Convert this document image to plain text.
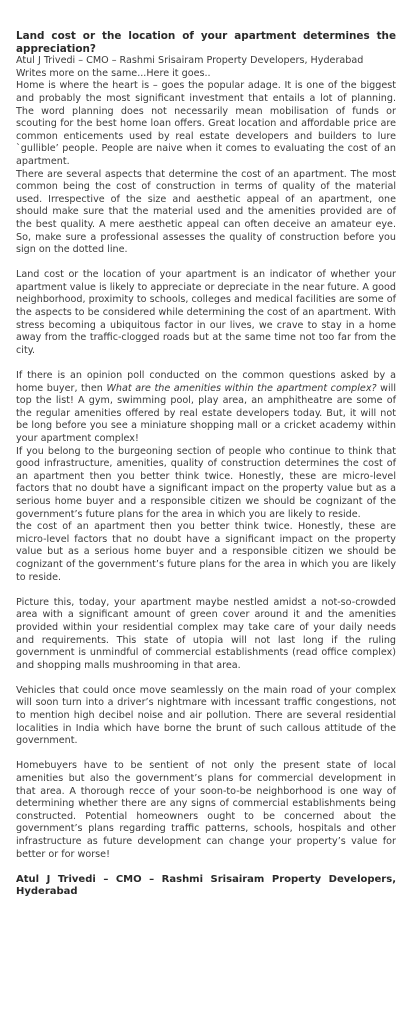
Land cost or the location of your apartment determines the appreciation?

Atul J Trivedi – CMO – Rashmi Srisairam Property Developers, Hyderabad

Writes more on the same...Here it goes..

Home is where the heart is – goes the popular adage. It is one of the biggest and probably the most significant investment that entails a lot of planning. The word planning does not necessarily mean mobilisation of funds or scouting for the best home loan offers. Great location and affordable price are common enticements used by real estate developers and builders to lure `gullible’ people. People are naive when it comes to evaluating the cost of an apartment.

There are several aspects that determine the cost of an apartment. The most common being the cost of construction in terms of quality of the material used. Irrespective of the size and aesthetic appeal of an apartment, one should make sure that the material used and the amenities provided are of the best quality. A mere aesthetic appeal can often deceive an amateur eye. So, make sure a professional assesses the quality of construction before you sign on the dotted line.

Land cost or the location of your apartment is an indicator of whether your apartment value is likely to appreciate or depreciate in the near future. A good neighborhood, proximity to schools, colleges and medical facilities are some of the aspects to be considered while determining the cost of an apartment. With stress becoming a ubiquitous factor in our lives, we crave to stay in a home away from the traffic-clogged roads but at the same time not too far from the city.

If there is an opinion poll conducted on the common questions asked by a home buyer, then What are the amenities within the apartment complex? will top the list! A gym, swimming pool, play area, an amphitheatre are some of the regular amenities offered by real estate developers today. But, it will not be long before you see a miniature shopping mall or a cricket academy within your apartment complex!

If you belong to the burgeoning section of people who continue to think that good infrastructure, amenities, quality of construction determines the cost of an apartment then you better think twice. Honestly, these are micro-level factors that no doubt have a significant impact on the property value but as a serious home buyer and a responsible citizen we should be cognizant of the government’s future plans for the area in which you are likely to reside.

the cost of an apartment then you better think twice. Honestly, these are micro-level factors that no doubt have a significant impact on the property value but as a serious home buyer and a responsible citizen we should be cognizant of the government’s future plans for the area in which you are likely to reside.

Picture this, today, your apartment maybe nestled amidst a not-so-crowded area with a significant amount of green cover around it and the amenities provided within your residential complex may take care of your daily needs and requirements. This state of utopia will not last long if the ruling government is unmindful of commercial establishments (read office complex) and shopping malls mushrooming in that area.

Vehicles that could once move seamlessly on the main road of your complex will soon turn into a driver’s nightmare with incessant traffic congestions, not to mention high decibel noise and air pollution. There are several residential localities in India which have borne the brunt of such callous attitude of the government.

Homebuyers have to be sentient of not only the present state of local amenities but also the government’s plans for commercial development in that area. A thorough recce of your soon-to-be neighborhood is one way of determining whether there are any signs of commercial establishments being constructed. Potential homeowners ought to be concerned about the government’s plans regarding traffic patterns, schools, hospitals and other infrastructure as future development can change your property’s value for better or for worse!

Atul J Trivedi – CMO – Rashmi Srisairam Property Developers, Hyderabad
